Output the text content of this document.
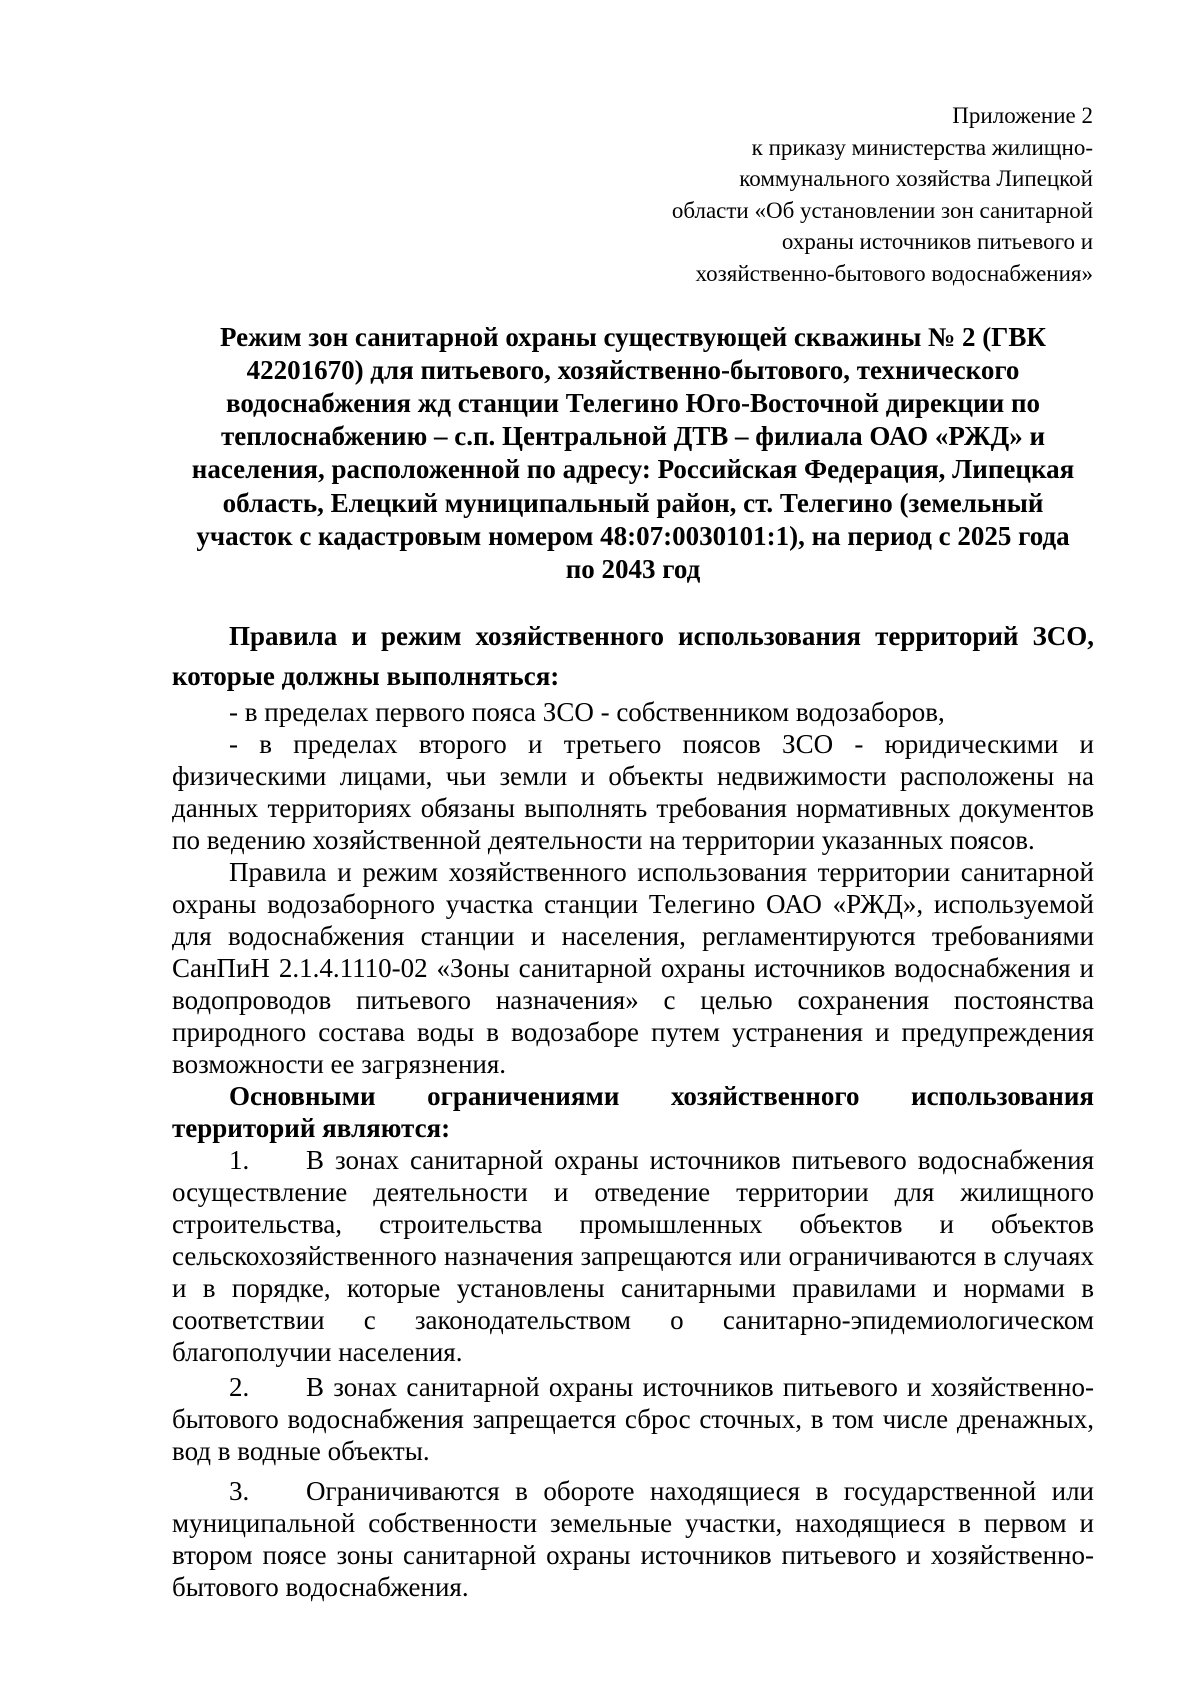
Приложение 2
к приказу министерства жилищно-
коммунального хозяйства Липецкой
области «Об установлении зон санитарной
охраны источников питьевого и
хозяйственно-бытового водоснабжения»
Режим зон санитарной охраны существующей скважины № 2 (ГВК
42201670) для питьевого, хозяйственно-бытового, технического
водоснабжения жд станции Телегино Юго-Восточной дирекции по
теплоснабжению – с.п. Центральной ДТВ – филиала ОАО «РЖД» и
населения, расположенной по адресу: Российская Федерация, Липецкая
область, Елецкий муниципальный район, ст. Телегино (земельный
участок с кадастровым номером 48:07:0030101:1), на период с 2025 года
по 2043 год
Правила и режим хозяйственного использования территорий ЗСО, которые должны выполняться:

- в пределах первого пояса ЗСО - собственником водозаборов,

- в пределах второго и третьего поясов ЗСО - юридическими и физическими лицами, чьи земли и объекты недвижимости расположены на данных территориях обязаны выполнять требования нормативных документов по ведению хозяйственной деятельности на территории указанных поясов.

Правила и режим хозяйственного использования территории санитарной охраны водозаборного участка станции Телегино ОАО «РЖД», используемой для водоснабжения станции и населения, регламентируются требованиями СанПиН 2.1.4.1110-02 «Зоны санитарной охраны источников водоснабжения и водопроводов питьевого назначения» с целью сохранения постоянства природного состава воды в водозаборе путем устранения и предупреждения возможности ее загрязнения.

Основными ограничениями хозяйственного использования территорий являются:

1. В зонах санитарной охраны источников питьевого водоснабжения осуществление деятельности и отведение территории для жилищного строительства, строительства промышленных объектов и объектов сельскохозяйственного назначения запрещаются или ограничиваются в случаях и в порядке, которые установлены санитарными правилами и нормами в соответствии с законодательством о санитарно-эпидемиологическом благополучии населения.

2. В зонах санитарной охраны источников питьевого и хозяйственно-бытового водоснабжения запрещается сброс сточных, в том числе дренажных, вод в водные объекты.

3. Ограничиваются в обороте находящиеся в государственной или муниципальной собственности земельные участки, находящиеся в первом и втором поясе зоны санитарной охраны источников питьевого и хозяйственно-бытового водоснабжения.
